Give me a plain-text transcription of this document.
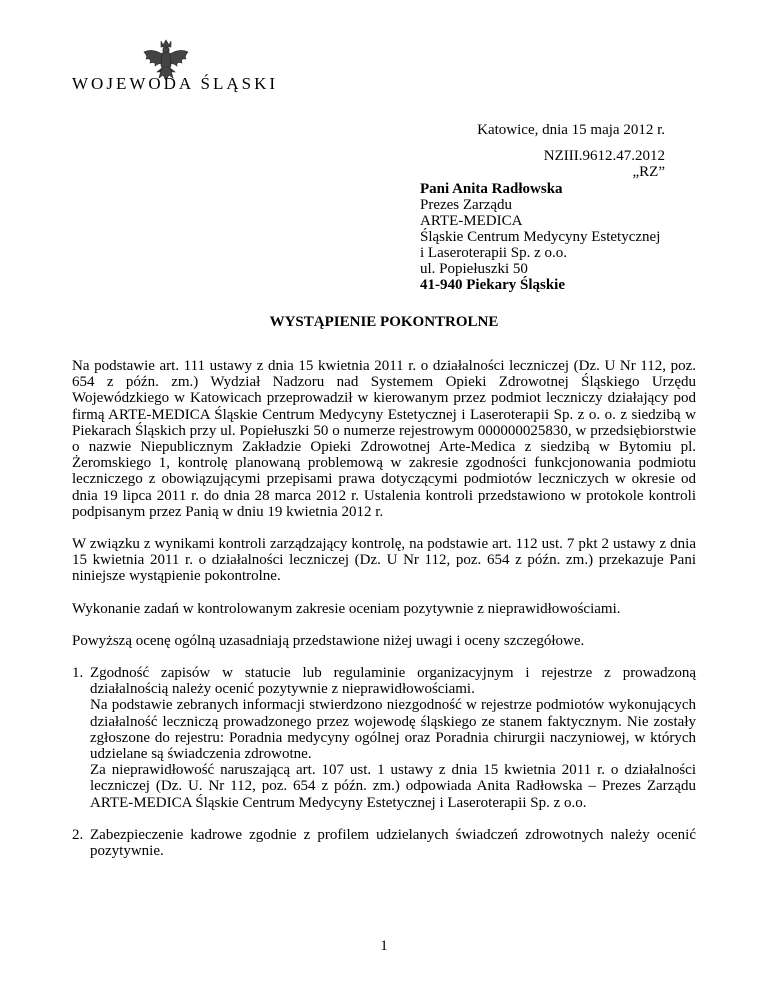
WOJEWODA ŚLĄSKI
Katowice, dnia 15 maja 2012 r.
NZIII.9612.47.2012
„RZ”
Pani Anita Radłowska
Prezes Zarządu
ARTE-MEDICA
Śląskie Centrum Medycyny Estetycznej
i Laseroterapii Sp. z o.o.
ul. Popiełuszki 50
41-940 Piekary Śląskie
WYSTĄPIENIE POKONTROLNE

Na podstawie art. 111 ustawy z dnia 15 kwietnia 2011 r. o działalności leczniczej (Dz. U Nr 112, poz. 654 z późn. zm.) Wydział Nadzoru nad Systemem Opieki Zdrowotnej Śląskiego Urzędu Wojewódzkiego w Katowicach przeprowadził w kierowanym przez podmiot leczniczy działający pod firmą ARTE-MEDICA Śląskie Centrum Medycyny Estetycznej i Laseroterapii Sp. z o. o. z siedzibą w Piekarach Śląskich przy ul. Popiełuszki 50 o numerze rejestrowym 000000025830, w przedsiębiorstwie o nazwie Niepublicznym Zakładzie Opieki Zdrowotnej Arte-Medica z siedzibą w Bytomiu pl. Żeromskiego 1, kontrolę planowaną problemową w zakresie zgodności funkcjonowania podmiotu leczniczego z obowiązującymi przepisami prawa dotyczącymi podmiotów leczniczych w okresie od dnia 19 lipca 2011 r. do dnia 28 marca 2012 r. Ustalenia kontroli przedstawiono w protokole kontroli podpisanym przez Panią w dniu 19 kwietnia 2012 r.

W związku z wynikami kontroli zarządzający kontrolę, na podstawie art. 112 ust. 7 pkt 2 ustawy z dnia 15 kwietnia 2011 r. o działalności leczniczej (Dz. U Nr 112, poz. 654 z późn. zm.) przekazuje Pani niniejsze wystąpienie pokontrolne.

Wykonanie zadań w kontrolowanym zakresie oceniam pozytywnie z nieprawidłowościami.

Powyższą ocenę ogólną uzasadniają przedstawione niżej uwagi i oceny szczegółowe.

1. Zgodność zapisów w statucie lub regulaminie organizacyjnym i rejestrze z prowadzoną działalnością należy ocenić pozytywnie z nieprawidłowościami.
Na podstawie zebranych informacji stwierdzono niezgodność w rejestrze podmiotów wykonujących działalność leczniczą prowadzonego przez wojewodę śląskiego ze stanem faktycznym. Nie zostały zgłoszone do rejestru: Poradnia medycyny ogólnej oraz Poradnia chirurgii naczyniowej, w których udzielane są świadczenia zdrowotne.
Za nieprawidłowość naruszającą art. 107 ust. 1 ustawy z dnia 15 kwietnia 2011 r. o działalności leczniczej (Dz. U. Nr 112, poz. 654 z późn. zm.) odpowiada Anita Radłowska – Prezes Zarządu ARTE-MEDICA Śląskie Centrum Medycyny Estetycznej i Laseroterapii Sp. z o.o.
2. Zabezpieczenie kadrowe zgodnie z profilem udzielanych świadczeń zdrowotnych należy ocenić pozytywnie.
1
